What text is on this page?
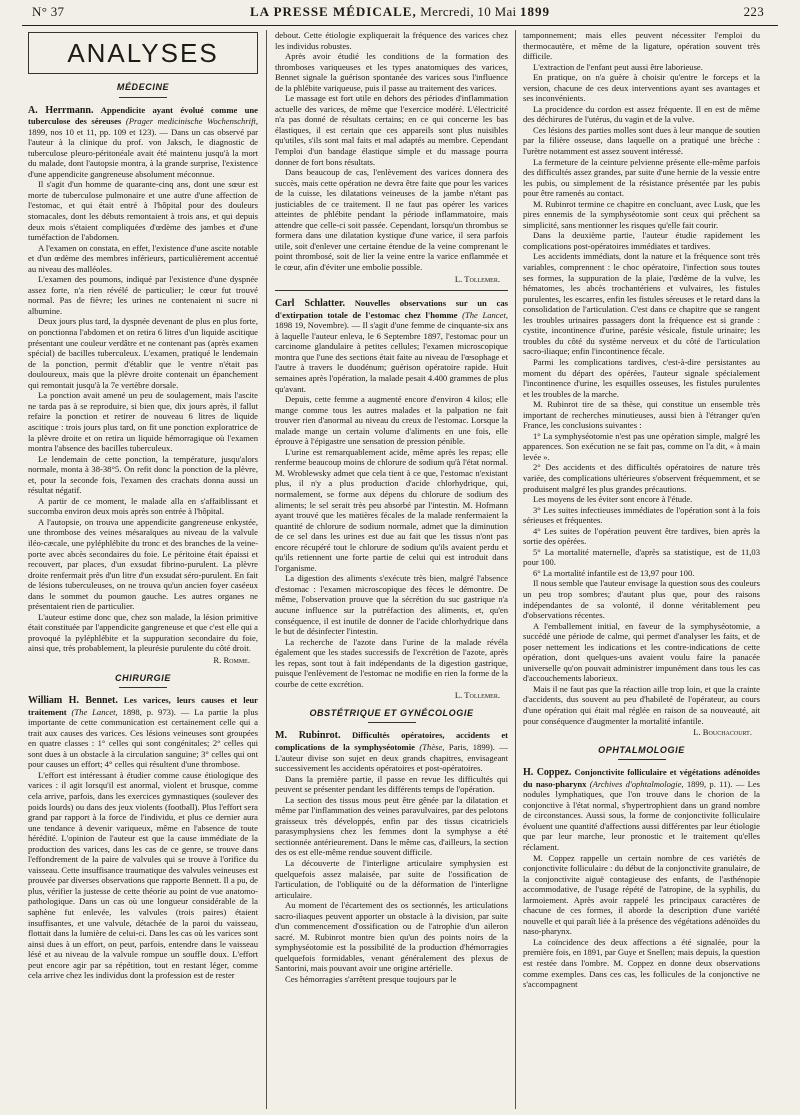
N° 37	LA PRESSE MÉDICALE, Mercredi, 10 Mai 1899	223
ANALYSES
MÉDECINE

A. Herrmann. Appendicite ayant évolué comme une tuberculose des séreuses (Prager medicinische Wochenschrift, 1899, nos 10 et 11, pp. 109 et 123). — Dans un cas observé par l'auteur à la clinique du prof. von Jaksch, le diagnostic de tuberculose pleuro-péritonéale avait été maintenu jusqu'à la mort du malade, dont l'autopsie montra, à la grande surprise, l'existence d'une appendicite gangreneuse absolument méconnue.

Il s'agit d'un homme de quarante-cinq ans, dont une sœur est morte de tuberculose pulmonaire et une autre d'une affection de l'estomac, et qui était entré à l'hôpital pour des douleurs stomacales, dont les débuts remontaient à trois ans, et qui depuis deux mois s'étaient compliquées d'œdème des jambes et d'une tuméfaction de l'abdomen.

A l'examen on constata, en effet, l'existence d'une ascite notable et d'un œdème des membres inférieurs, particulièrement accentué au niveau des malléoles.

L'examen des poumons, indiqué par l'existence d'une dyspnée assez forte, n'a rien révélé de particulier; le cœur fut trouvé normal. Pas de fièvre; les urines ne contenaient ni sucre ni albumine.

Deux jours plus tard, la dyspnée devenant de plus en plus forte, on ponctionna l'abdomen et on retira 6 litres d'un liquide ascitique présentant une couleur verdâtre et ne contenant pas (après examen spécial) de bacilles tuberculeux. L'examen, pratiqué le lendemain de la ponction, permit d'établir que le ventre n'était pas douloureux, mais que la plèvre droite contenait un épanchement qui remontait jusqu'à la 7e vertèbre dorsale.

La ponction avait amené un peu de soulagement, mais l'ascite ne tarda pas à se reproduire, si bien que, dix jours après, il fallut refaire la ponction et retirer de nouveau 6 litres de liquide ascitique : trois jours plus tard, on fit une ponction exploratrice de la plèvre droite et on retira un liquide hémorragique où l'examen montra l'absence des bacilles tuberculeux.

Le lendemain de cette ponction, la température, jusqu'alors normale, monta à 38-38°5. On refit donc la ponction de la plèvre, et, pour la seconde fois, l'examen des crachats donna aussi un résultat négatif.

A partir de ce moment, le malade alla en s'affaiblissant et succomba environ deux mois après son entrée à l'hôpital.

A l'autopsie, on trouva une appendicite gangreneuse enkystée, une thrombose des veines mésaraïques au niveau de la valvule iléo-cæcale, une pyléphlébite du tronc et des branches de la veine-porte avec abcès secondaires du foie. Le péritoine était épaissi et recouvert, par places, d'un exsudat fibrino-purulent. La plèvre droite renfermait près d'un litre d'un exsudat séro-purulent. En fait de lésions tuberculeuses, on ne trouva qu'un ancien foyer caséeux dans le sommet du poumon gauche. Les autres organes ne présentaient rien de particulier.

L'auteur estime donc que, chez son malade, la lésion primitive était constituée par l'appendicite gangreneuse et que c'est elle qui a provoqué la pyléphlébite et la suppuration secondaire du foie, ainsi que, très probablement, la pleurésie purulente du côté droit.

R. Romme.
CHIRURGIE

William H. Bennet. Les varices, leurs causes et leur traitement (The Lancet, 1898, p. 973). — La partie la plus importante de cette communication est certainement celle qui a trait aux causes des varices. Ces lésions veineuses sont groupées en quatre classes : 1° celles qui sont congénitales; 2° celles qui sont dues à un obstacle à la circulation sanguine; 3° celles qui ont pour causes un effort; 4° celles qui résultent d'une thrombose.

L'effort est intéressant à étudier comme cause étiologique des varices : il agit lorsqu'il est anormal, violent et brusque, comme cela arrive, parfois, dans les exercices gymnastiques (soulever des poids lourds) ou dans des jeux violents (football). Plus l'effort sera grand par rapport à la force de l'individu, et plus ce dernier aura une tendance à devenir variqueux, même en l'absence de toute hérédité. L'opinion de l'auteur est que la cause immédiate de la production des varices, dans les cas de ce genre, se trouve dans l'effondrement de la paire de valvules qui se trouve à l'orifice du vaisseau. Cette insuffisance traumatique des valvules veineuses est prouvée par diverses observations que rapporte Bennett. Il a pu, de plus, vérifier la justesse de cette théorie au point de vue anatomo-pathologique. Dans un cas où une longueur considérable de la saphène fut enlevée, les valvules (trois paires) étaient insuffisantes, et une valvule, détachée de la paroi du vaisseau, flottait dans la lumière de celui-ci. Dans les cas où les varices sont ainsi dues à un effort, on peut, parfois, entendre dans le vaisseau lésé et au niveau de la valvule rompue un souffle doux. L'effort peut encore agir par sa répétition, tout en restant léger, comme cela arrive chez les individus dont la profession est de rester

debout. Cette étiologie expliquerait la fréquence des varices chez les individus robustes.

Après avoir étudié les conditions de la formation des thromboses variqueuses et les types anatomiques des varices, Bennet signale la guérison spontanée des varices sous l'influence de la phlébite variqueuse, puis il passe au traitement des varices.

Le massage est fort utile en dehors des périodes d'inflammation actuelle des varices, de même que l'exercice modéré. L'électricité n'a pas donné de résultats certains; en ce qui concerne les bas élastiques, il est certain que ces appareils sont plus nuisibles qu'utiles, s'ils sont mal faits et mal adaptés au membre. Cependant l'emploi d'un bandage élastique simple et du massage pourra donner de fort bons résultats.

Dans beaucoup de cas, l'enlèvement des varices donnera des succès, mais cette opération ne devra être faite que pour les varices de la cuisse, les dilatations veineuses de la jambe n'étant pas justiciables de ce traitement. Il ne faut pas opérer les varices atteintes de phlébite pendant la période inflammatoire, mais attendre que celle-ci soit passée. Cependant, lorsqu'un thrombus se formera dans une dilatation kystique d'une varice, il sera parfois utile, soit d'enlever une certaine étendue de la veine comprenant le point thrombosé, soit de lier la veine entre la varice enflammée et le cœur, afin d'éviter une embolie possible.

L. Tollemer.

Carl Schlatter. Nouvelles observations sur un cas d'extirpation totale de l'estomac chez l'homme (The Lancet, 1898 19, Novembre). — Il s'agit d'une femme de cinquante-six ans à laquelle l'auteur enleva, le 6 Septembre 1897, l'estomac pour un carcinome glandulaire à petites cellules; l'examen microscopique montra que l'une des sections était faite au niveau de l'œsophage et l'autre à travers le duodénum; guérison opératoire rapide. Huit semaines après l'opération, la malade pesait 4.400 grammes de plus qu'avant.

Depuis, cette femme a augmenté encore d'environ 4 kilos; elle mange comme tous les autres malades et la palpation ne fait trouver rien d'anormal au niveau du creux de l'estomac. Lorsque la malade mange un certain volume d'aliments en une fois, elle éprouve à l'épigastre une sensation de pression pénible.

L'urine est remarquablement acide, même après les repas; elle renferme beaucoup moins de chlorure de sodium qu'à l'état normal. M. Wroblewsky admet que cela tient à ce que, l'estomac n'existant plus, il n'y a plus production d'acide chlorhydrique, qui, normalement, se forme aux dépens du chlorure de sodium des aliments; le sel serait très peu absorbé par l'intestin. M. Hofmann ayant trouvé que les matières fécales de la malade renfermaient la quantité de chlorure de sodium normale, admet que la diminution de ce sel dans les urines est due au fait que les tissus n'ont pas encore récupéré tout le chlorure de sodium qu'ils avaient perdu et qu'ils retiennent une forte partie de celui qui est introduit dans l'organisme.

La digestion des aliments s'exécute très bien, malgré l'absence d'estomac : l'examen microscopique des fèces le démontre. De même, l'observation prouve que la sécrétion du suc gastrique n'a aucune influence sur la putréfaction des aliments, et, qu'en conséquence, il est inutile de donner de l'acide chlorhydrique dans le but de désinfecter l'intestin.

La recherche de l'azote dans l'urine de la malade révéla également que les stades successifs de l'excrétion de l'azote, après les repas, sont tout à fait indépendants de la digestion gastrique, puisque l'enlèvement de l'estomac ne modifie en rien la forme de la courbe de cette excrétion.

L. Tollemer.
OBSTÉTRIQUE ET GYNÉCOLOGIE

M. Rubinrot. Difficultés opératoires, accidents et complications de la symphyséotomie (Thèse, Paris, 1899). — L'auteur divise son sujet en deux grands chapitres, envisageant successivement les accidents opératoires et post-opératoires.

Dans la première partie, il passe en revue les difficultés qui peuvent se présenter pendant les différents temps de l'opération.

La section des tissus mous peut être gênée par la dilatation et même par l'inflammation des veines paravulvaires, par des pelotons graisseux très développés, enfin par des tissus cicatriciels parasymphysiens chez les femmes dont la symphyse a été sectionnée antérieurement. Dans le même cas, d'ailleurs, la section des os est elle-même rendue souvent difficile.

La découverte de l'interligne articulaire symphysien est quelquefois assez malaisée, par suite de l'ossification de l'articulation, de l'obliquité ou de la déformation de l'interligne articulaire.

Au moment de l'écartement des os sectionnés, les articulations sacro-iliaques peuvent apporter un obstacle à la division, par suite d'un commencement d'ossification ou de l'atrophie d'un aileron sacré. M. Rubinrot montre bien qu'un des points noirs de la symphyséotomie est la possibilité de la production d'hémorragies quelquefois formidables, venant généralement des plexus de Santorini, mais pouvant avoir une origine artérielle.

Ces hémorragies s'arrêtent presque toujours par le

tamponnement; mais elles peuvent nécessiter l'emploi du thermocautère, et même de la ligature, opération souvent très difficile.

L'extraction de l'enfant peut aussi être laborieuse.

En pratique, on n'a guère à choisir qu'entre le forceps et la version, chacune de ces deux interventions ayant ses avantages et ses inconvénients.

La procidence du cordon est assez fréquente. Il en est de même des déchirures de l'utérus, du vagin et de la vulve.

Ces lésions des parties molles sont dues à leur manque de soutien par la filière osseuse, dans laquelle on a pratiqué une brèche : l'urètre notamment est assez souvent intéressé.

La fermeture de la ceinture pelvienne présente elle-même parfois des difficultés assez grandes, par suite d'une hernie de la vessie entre les pubis, ou simplement de la résistance présentée par les pubis pour être ramenés au contact.

M. Rubinrot termine ce chapitre en concluant, avec Lusk, que les pires ennemis de la symphyséotomie sont ceux qui prêchent sa simplicité, sans mentionner les risques qu'elle fait courir.

Dans la deuxième partie, l'auteur étudie rapidement les complications post-opératoires immédiates et tardives.

Les accidents immédiats, dont la nature et la fréquence sont très variables, comprennent : le choc opératoire, l'infection sous toutes ses formes, la suppuration de la plaie, l'œdème de la vulve, les hématomes, les abcès trochantériens et vulvaires, les fistules purulentes, les escarres, enfin les fistules séreuses et le retard dans la consolidation de l'articulation. C'est dans ce chapitre que se rangent les troubles urinaires passagers dont la fréquence est si grande : cystite, incontinence d'urine, parésie vésicale, fistule urinaire; les troubles du côté du système nerveux et du côté de l'articulation sacro-iliaque; enfin l'incontinence fécale.

Parmi les complications tardives, c'est-à-dire persistantes au moment du départ des opérées, l'auteur signale spécialement l'incontinence d'urine, les esquilles osseuses, les fistules purulentes et les troubles de la marche.

M. Rubinrot tire de sa thèse, qui constitue un ensemble très important de recherches minutieuses, aussi bien à l'étranger qu'en France, les conclusions suivantes :

1° La symphyséotomie n'est pas une opération simple, malgré les apparences. Son exécution ne se fait pas, comme on l'a dit, « à main levée ».

2° Des accidents et des difficultés opératoires de nature très variée, des complications ultérieures s'observent fréquemment, et se produisent malgré les plus grandes précautions.

Les moyens de les éviter sont encore à l'étude.

3° Les suites infectieuses immédiates de l'opération sont à la fois sérieuses et fréquentes.

4° Les suites de l'opération peuvent être tardives, bien après la sortie des opérées.

5° La mortalité maternelle, d'après sa statistique, est de 11,03 pour 100.

6° La mortalité infantile est de 13,97 pour 100.

Il nous semble que l'auteur envisage la question sous des couleurs un peu trop sombres; d'autant plus que, pour des raisons indépendantes de sa volonté, il donne véritablement peu d'observations récentes.

A l'emballement initial, en faveur de la symphyséotomie, a succédé une période de calme, qui permet d'analyser les faits, et de poser nettement les indications et les contre-indications de cette opération, dont quelques-uns avaient voulu faire la panacée universelle qu'on pouvait administrer impunément dans tous les cas d'accouchements laborieux.

Mais il ne faut pas que la réaction aille trop loin, et que la crainte d'accidents, dus souvent au peu d'habileté de l'opérateur, au cours d'une opération qui était mal réglée en raison de sa nouveauté, ait pour conséquence d'augmenter la mortalité infantile.

L. Bouchacourt.
OPHTALMOLOGIE

H. Coppez. Conjonctivite folliculaire et végétations adénoïdes du naso-pharynx (Archives d'ophtalmologie, 1899, p. 11). — Les nodules lymphatiques, que l'on trouve dans le chorion de la conjonctive à l'état normal, s'hypertrophient dans un grand nombre de circonstances. Aussi sous, la forme de conjonctivite folliculaire évoluent une quantité d'affections aussi différentes par leur étiologie que par leur marche, leur pronostic et le traitement qu'elles réclament.

M. Coppez rappelle un certain nombre de ces variétés de conjonctivite folliculaire : du début de la conjonctivite granulaire, de la conjonctivite aiguë contagieuse des enfants, de l'asthénopie accommodative, de l'usage répété de l'atropine, de la syphilis, du larmoiement. Après avoir rappelé les principaux caractères de chacune de ces formes, il aborde la description d'une variété nouvelle et qui paraît liée à la présence des végétations adénoïdes du naso-pharynx.

La coïncidence des deux affections a été signalée, pour la première fois, en 1891, par Guye et Snellen; mais depuis, la question est restée dans l'ombre. M. Coppez en donne deux observations comme exemples. Dans ces cas, les follicules de la conjonctive ne s'accompagnent
